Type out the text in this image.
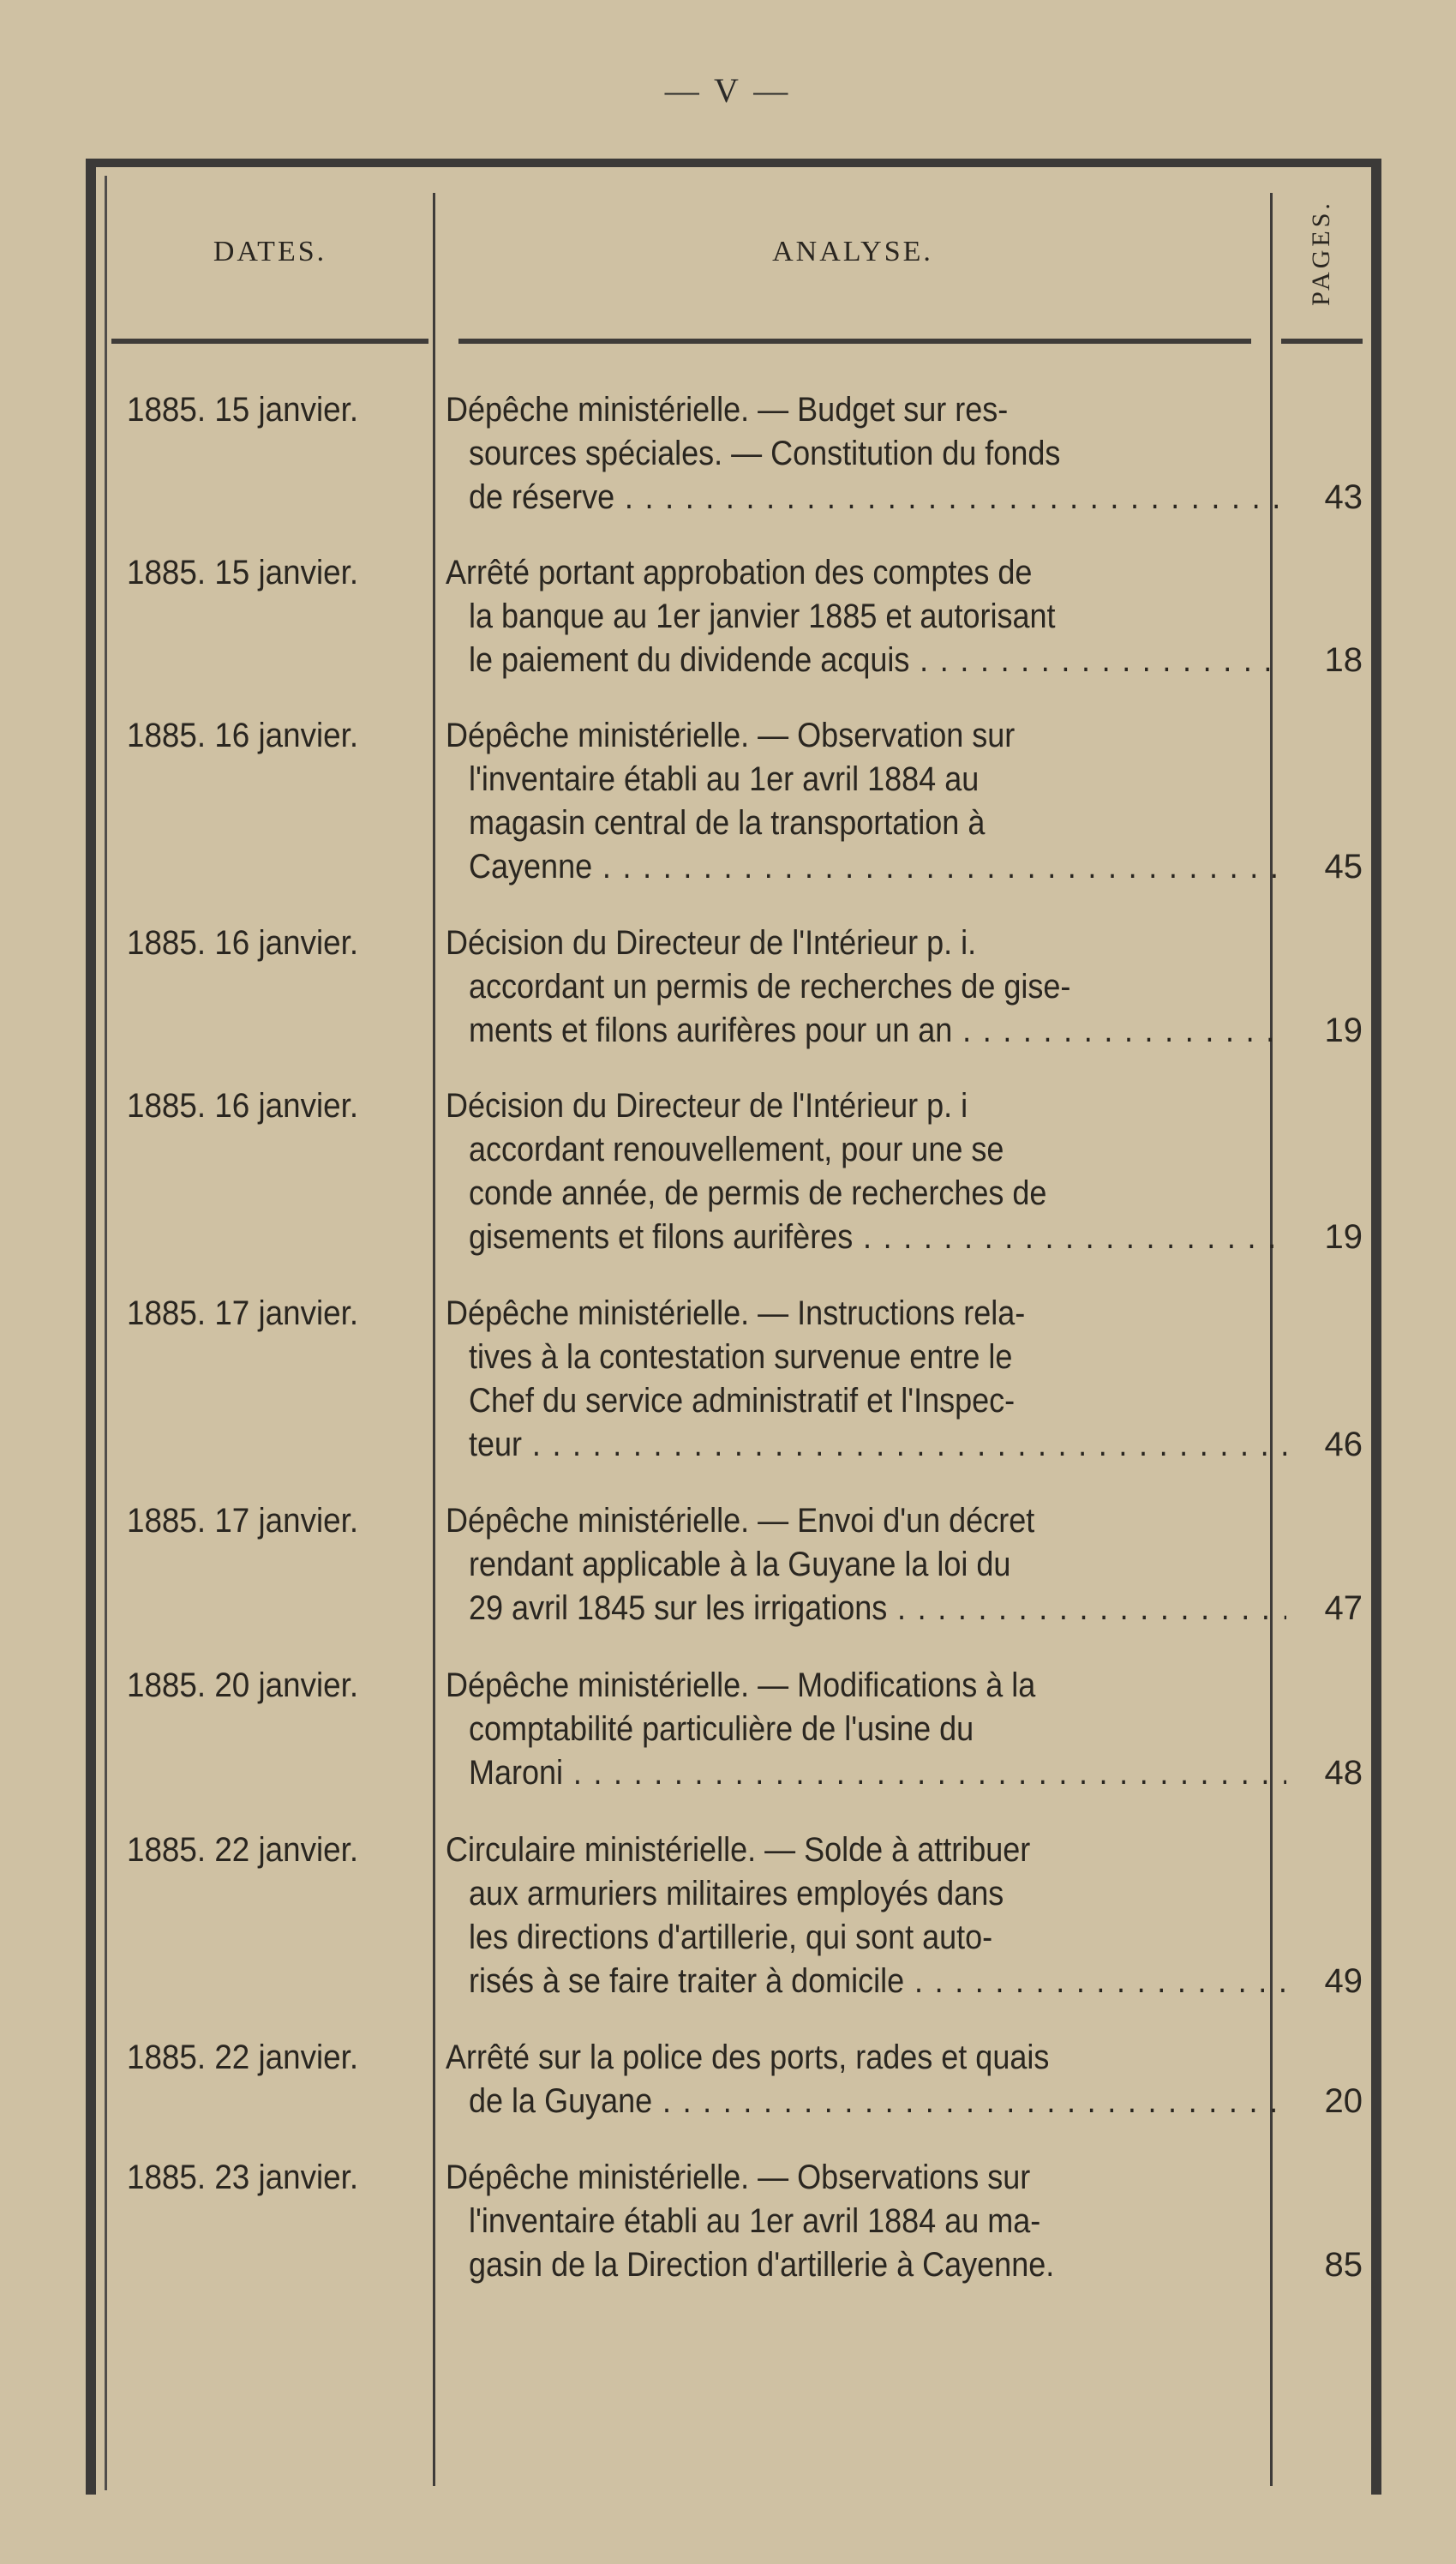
— V —
DATES.	ANALYSE.	PAGES.
1885. 15 janvier.	Dépêche ministérielle. — Budget sur res-
sources spéciales. — Constitution du fonds
de réserve . . .	43
1885. 15 janvier.	Arrêté portant approbation des comptes de
la banque au 1er janvier 1885 et autorisant
le paiement du dividende acquis . . .	18
1885. 16 janvier.	Dépêche ministérielle. — Observation sur
l'inventaire établi au 1er avril 1884 au
magasin central de la transportation à
Cayenne . . .	45
1885. 16 janvier.	Décision du Directeur de l'Intérieur p. i.
accordant un permis de recherches de gise-
ments et filons aurifères pour un an . . .	19
1885. 16 janvier.	Décision du Directeur de l'Intérieur p. i
accordant renouvellement, pour une se
conde année, de permis de recherches de
gisements et filons aurifères . . .	19
1885. 17 janvier.	Dépêche ministérielle. — Instructions rela-
tives à la contestation survenue entre le
Chef du service administratif et l'Inspec-
teur . . .	46
1885. 17 janvier.	Dépêche ministérielle. — Envoi d'un décret
rendant applicable à la Guyane la loi du
29 avril 1845 sur les irrigations . . .	47
1885. 20 janvier.	Dépêche ministérielle. — Modifications à la
comptabilité particulière de l'usine du
Maroni . . .	48
1885. 22 janvier.	Circulaire ministérielle. — Solde à attribuer
aux armuriers militaires employés dans
les directions d'artillerie, qui sont auto-
risés à se faire traiter à domicile . . .	49
1885. 22 janvier.	Arrêté sur la police des ports, rades et quais
de la Guyane . . .	20
1885. 23 janvier.	Dépêche ministérielle. — Observations sur
l'inventaire établi au 1er avril 1884 au ma-
gasin de la Direction d'artillerie à Cayenne.	85
